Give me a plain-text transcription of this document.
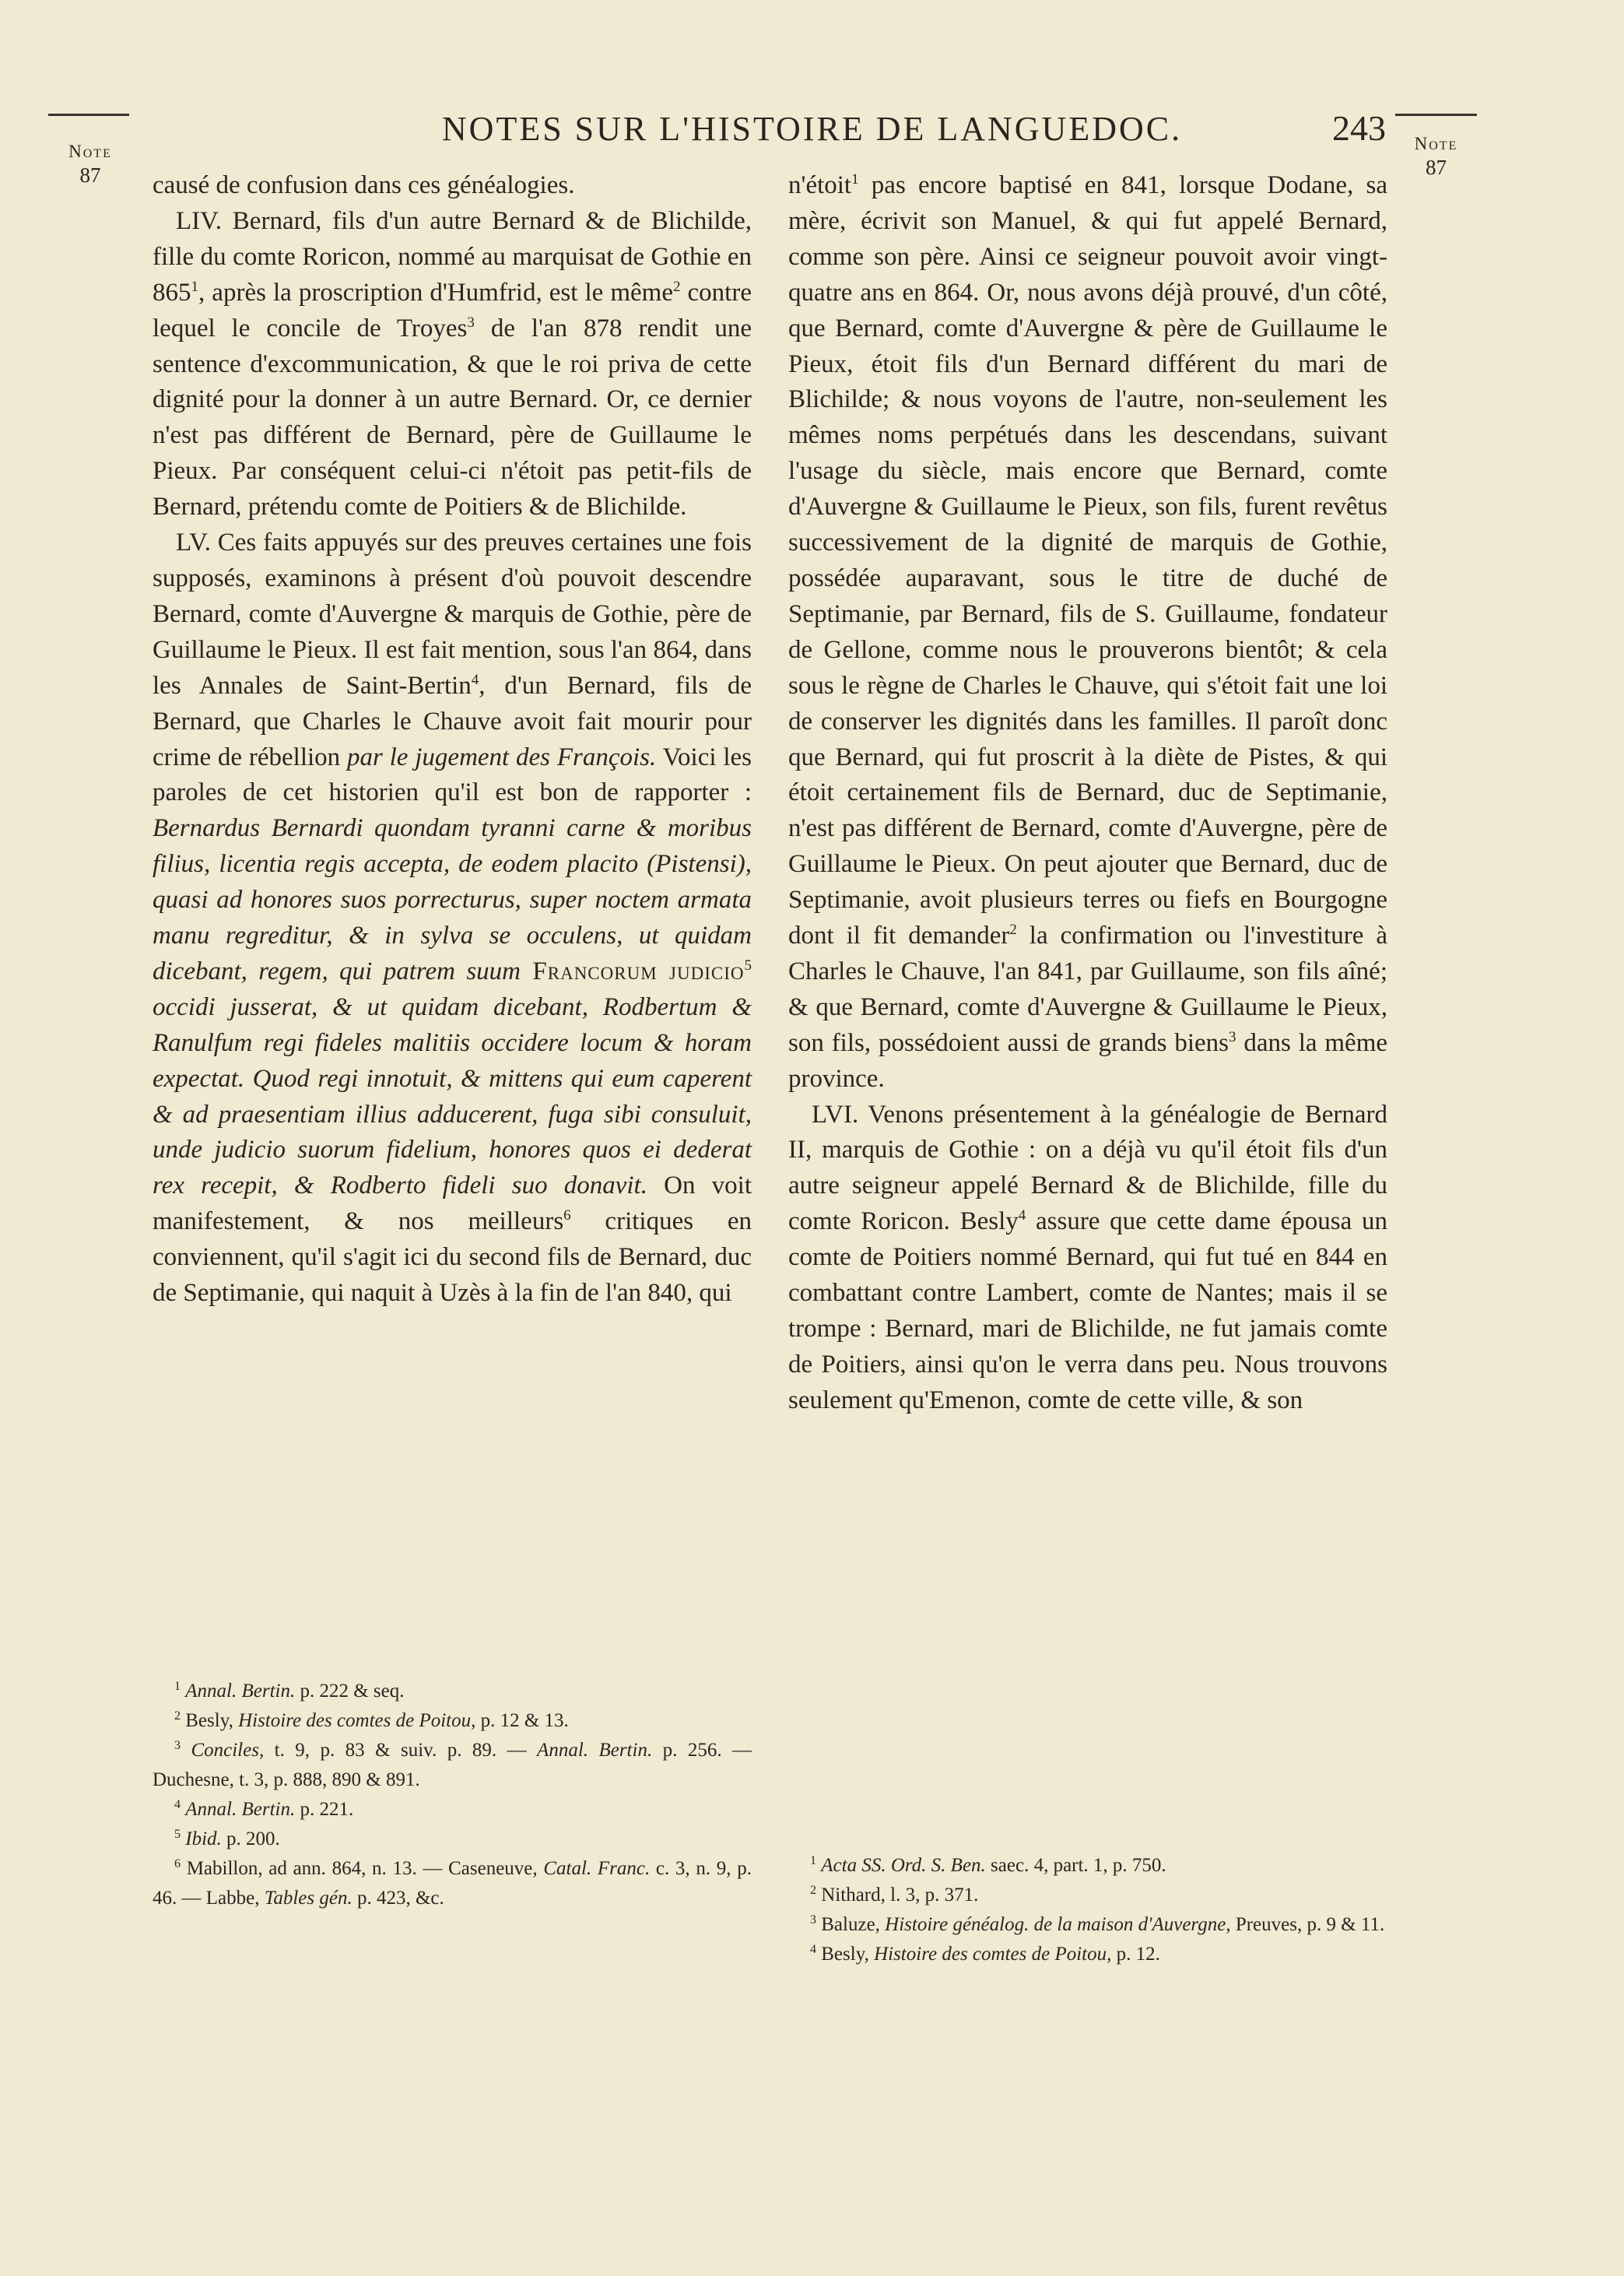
Note
87
Note
87
NOTES SUR L'HISTOIRE DE LANGUEDOC.	243

causé de confusion dans ces généalogies.

LIV. Bernard, fils d'un autre Bernard & de Blichilde, fille du comte Roricon, nommé au marquisat de Gothie en $865^1$, après la proscription d'Humfrid, est le même$^2$ contre lequel le concile de Troyes$^3$ de l'an 878 rendit une sentence d'excommunication, & que le roi priva de cette dignité pour la donner à un autre Bernard. Or, ce dernier n'est pas différent de Bernard, père de Guillaume le Pieux. Par conséquent celui-ci n'étoit pas petit-fils de Bernard, prétendu comte de Poitiers & de Blichilde.

LV. Ces faits appuyés sur des preuves certaines une fois supposés, examinons à présent d'où pouvoit descendre Bernard, comte d'Auvergne & marquis de Gothie, père de Guillaume le Pieux. Il est fait mention, sous l'an 864, dans les Annales de Saint-Bertin$^4$, d'un Bernard, fils de Bernard, que Charles le Chauve avoit fait mourir pour crime de rébellion par le jugement des François. Voici les paroles de cet historien qu'il est bon de rapporter : Bernardus Bernardi quondam tyranni carne & moribus filius, licentia regis accepta, de eodem placito (Pistensi), quasi ad honores suos porrecturus, super noctem armata manu regreditur, & in sylva se occulens, ut quidam dicebant, regem, qui patrem suum Francorum judicio$^5$ occidi jusserat, & ut quidam dicebant, Rodbertum & Ranulfum regi fideles malitiis occidere locum & horam expectat. Quod regi innotuit, & mittens qui eum caperent & ad praesentiam illius adducerent, fuga sibi consuluit, unde judicio suorum fidelium, honores quos ei dederat rex recepit, & Rodberto fideli suo donavit. On voit manifestement, & nos meilleurs$^6$ critiques en conviennent, qu'il s'agit ici du second fils de Bernard, duc de Septimanie, qui naquit à Uzès à la fin de l'an 840, qui

$^1$ Annal. Bertin. p. 222 & seq.

$^2$ Besly, Histoire des comtes de Poitou, p. 12 & 13.

$^3$ Conciles, t. 9, p. 83 & suiv. p. 89. — Annal. Bertin. p. 256. — Duchesne, t. 3, p. 888, 890 & 891.

$^4$ Annal. Bertin. p. 221.

$^5$ Ibid. p. 200.

$^6$ Mabillon, ad ann. 864, n. 13. — Caseneuve, Catal. Franc. c. 3, n. 9, p. 46. — Labbe, Tables gén. p. 423, &c.

n'étoit$^1$ pas encore baptisé en 841, lorsque Dodane, sa mère, écrivit son Manuel, & qui fut appelé Bernard, comme son père. Ainsi ce seigneur pouvoit avoir vingt-quatre ans en 864. Or, nous avons déjà prouvé, d'un côté, que Bernard, comte d'Auvergne & père de Guillaume le Pieux, étoit fils d'un Bernard différent du mari de Blichilde; & nous voyons de l'autre, non-seulement les mêmes noms perpétués dans les descendans, suivant l'usage du siècle, mais encore que Bernard, comte d'Auvergne & Guillaume le Pieux, son fils, furent revêtus successivement de la dignité de marquis de Gothie, possédée auparavant, sous le titre de duché de Septimanie, par Bernard, fils de S. Guillaume, fondateur de Gellone, comme nous le prouverons bientôt; & cela sous le règne de Charles le Chauve, qui s'étoit fait une loi de conserver les dignités dans les familles. Il paroît donc que Bernard, qui fut proscrit à la diète de Pistes, & qui étoit certainement fils de Bernard, duc de Septimanie, n'est pas différent de Bernard, comte d'Auvergne, père de Guillaume le Pieux. On peut ajouter que Bernard, duc de Septimanie, avoit plusieurs terres ou fiefs en Bourgogne dont il fit demander$^2$ la confirmation ou l'investiture à Charles le Chauve, l'an 841, par Guillaume, son fils aîné; & que Bernard, comte d'Auvergne & Guillaume le Pieux, son fils, possédoient aussi de grands biens$^3$ dans la même province.

LVI. Venons présentement à la généalogie de Bernard II, marquis de Gothie : on a déjà vu qu'il étoit fils d'un autre seigneur appelé Bernard & de Blichilde, fille du comte Roricon. Besly$^4$ assure que cette dame épousa un comte de Poitiers nommé Bernard, qui fut tué en 844 en combattant contre Lambert, comte de Nantes; mais il se trompe : Bernard, mari de Blichilde, ne fut jamais comte de Poitiers, ainsi qu'on le verra dans peu. Nous trouvons seulement qu'Emenon, comte de cette ville, & son

$^1$ Acta SS. Ord. S. Ben. saec. 4, part. 1, p. 750.

$^2$ Nithard, l. 3, p. 371.

$^3$ Baluze, Histoire généalog. de la maison d'Auvergne, Preuves, p. 9 & 11.

$^4$ Besly, Histoire des comtes de Poitou, p. 12.
